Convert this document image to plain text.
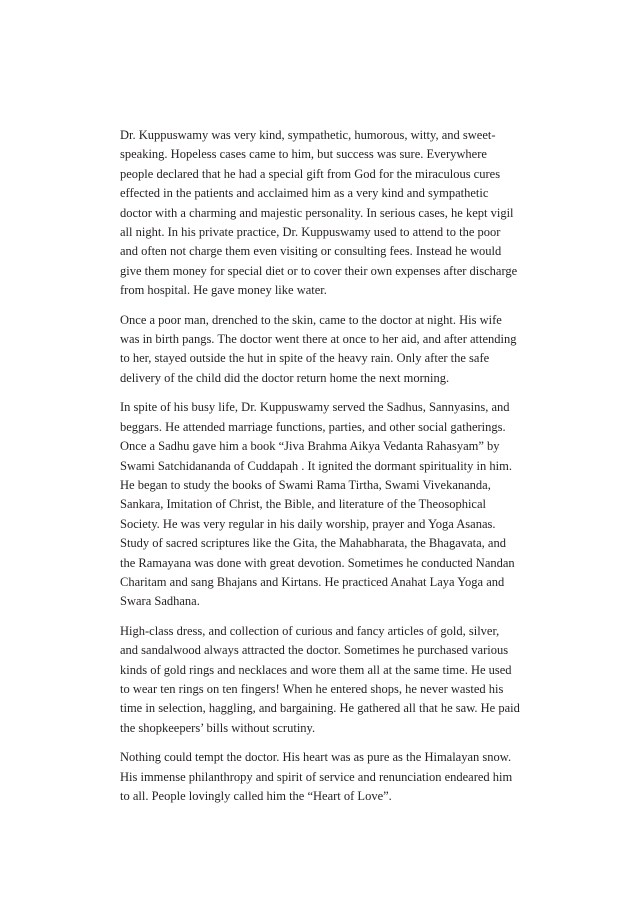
Dr. Kuppuswamy was very kind, sympathetic, humorous, witty, and sweet-speaking. Hopeless cases came to him, but success was sure. Everywhere people declared that he had a special gift from God for the miraculous cures effected in the patients and acclaimed him as a very kind and sympathetic doctor with a charming and majestic personality. In serious cases, he kept vigil all night. In his private practice, Dr. Kuppuswamy used to attend to the poor and often not charge them even visiting or consulting fees. Instead he would give them money for special diet or to cover their own expenses after discharge from hospital. He gave money like water.

Once a poor man, drenched to the skin, came to the doctor at night. His wife was in birth pangs. The doctor went there at once to her aid, and after attending to her, stayed outside the hut in spite of the heavy rain. Only after the safe delivery of the child did the doctor return home the next morning.

In spite of his busy life, Dr. Kuppuswamy served the Sadhus, Sannyasins, and beggars. He attended marriage functions, parties, and other social gatherings. Once a Sadhu gave him a book “Jiva Brahma Aikya Vedanta Rahasyam” by Swami Satchidananda of Cuddapah . It ignited the dormant spirituality in him. He began to study the books of Swami Rama Tirtha, Swami Vivekananda, Sankara, Imitation of Christ, the Bible, and literature of the Theosophical Society. He was very regular in his daily worship, prayer and Yoga Asanas. Study of sacred scriptures like the Gita, the Mahabharata, the Bhagavata, and the Ramayana was done with great devotion. Sometimes he conducted Nandan Charitam and sang Bhajans and Kirtans. He practiced Anahat Laya Yoga and Swara Sadhana.

High-class dress, and collection of curious and fancy articles of gold, silver, and sandalwood always attracted the doctor. Sometimes he purchased various kinds of gold rings and necklaces and wore them all at the same time. He used to wear ten rings on ten fingers! When he entered shops, he never wasted his time in selection, haggling, and bargaining. He gathered all that he saw. He paid the shopkeepers’ bills without scrutiny.

Nothing could tempt the doctor. His heart was as pure as the Himalayan snow. His immense philanthropy and spirit of service and renunciation endeared him to all. People lovingly called him the “Heart of Love”.
